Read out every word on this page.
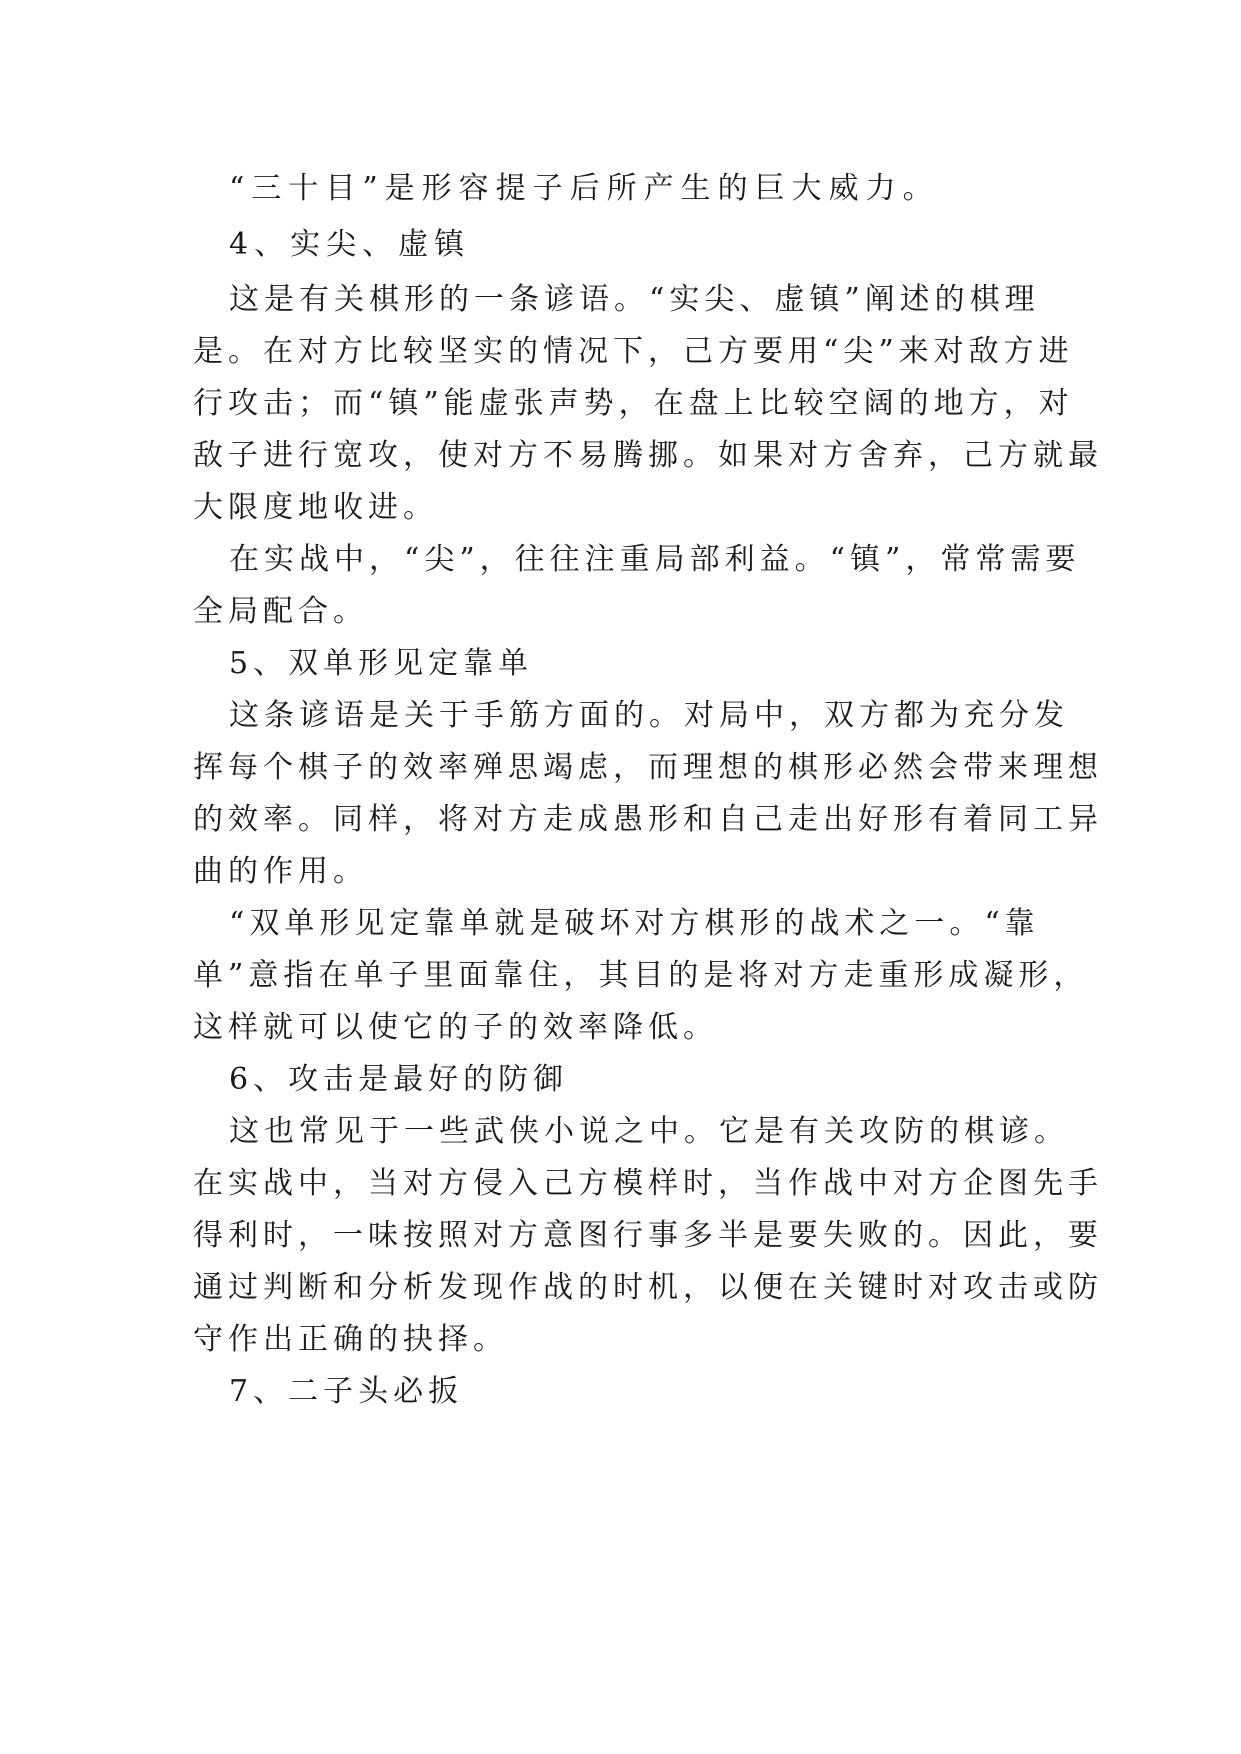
“三十目”是形容提子后所产生的巨大威力。
4、实尖、虚镇
这是有关棋形的一条谚语。“实尖、虚镇”阐述的棋理
是。在对方比较坚实的情况下，己方要用“尖”来对敌方进
行攻击；而“镇”能虚张声势，在盘上比较空阔的地方，对
敌子进行宽攻，使对方不易腾挪。如果对方舍弃，己方就最
大限度地收进。
在实战中，“尖”，往往注重局部利益。“镇”，常常需要
全局配合。
5、双单形见定靠单
这条谚语是关于手筋方面的。对局中，双方都为充分发
挥每个棋子的效率殚思竭虑，而理想的棋形必然会带来理想
的效率。同样，将对方走成愚形和自己走出好形有着同工异
曲的作用。
“双单形见定靠单就是破坏对方棋形的战术之一。“靠
单”意指在单子里面靠住，其目的是将对方走重形成凝形，
这样就可以使它的子的效率降低。
6、攻击是最好的防御
这也常见于一些武侠小说之中。它是有关攻防的棋谚。
在实战中，当对方侵入己方模样时，当作战中对方企图先手
得利时，一味按照对方意图行事多半是要失败的。因此，要
通过判断和分析发现作战的时机，以便在关键时对攻击或防
守作出正确的抉择。
7、二子头必扳
